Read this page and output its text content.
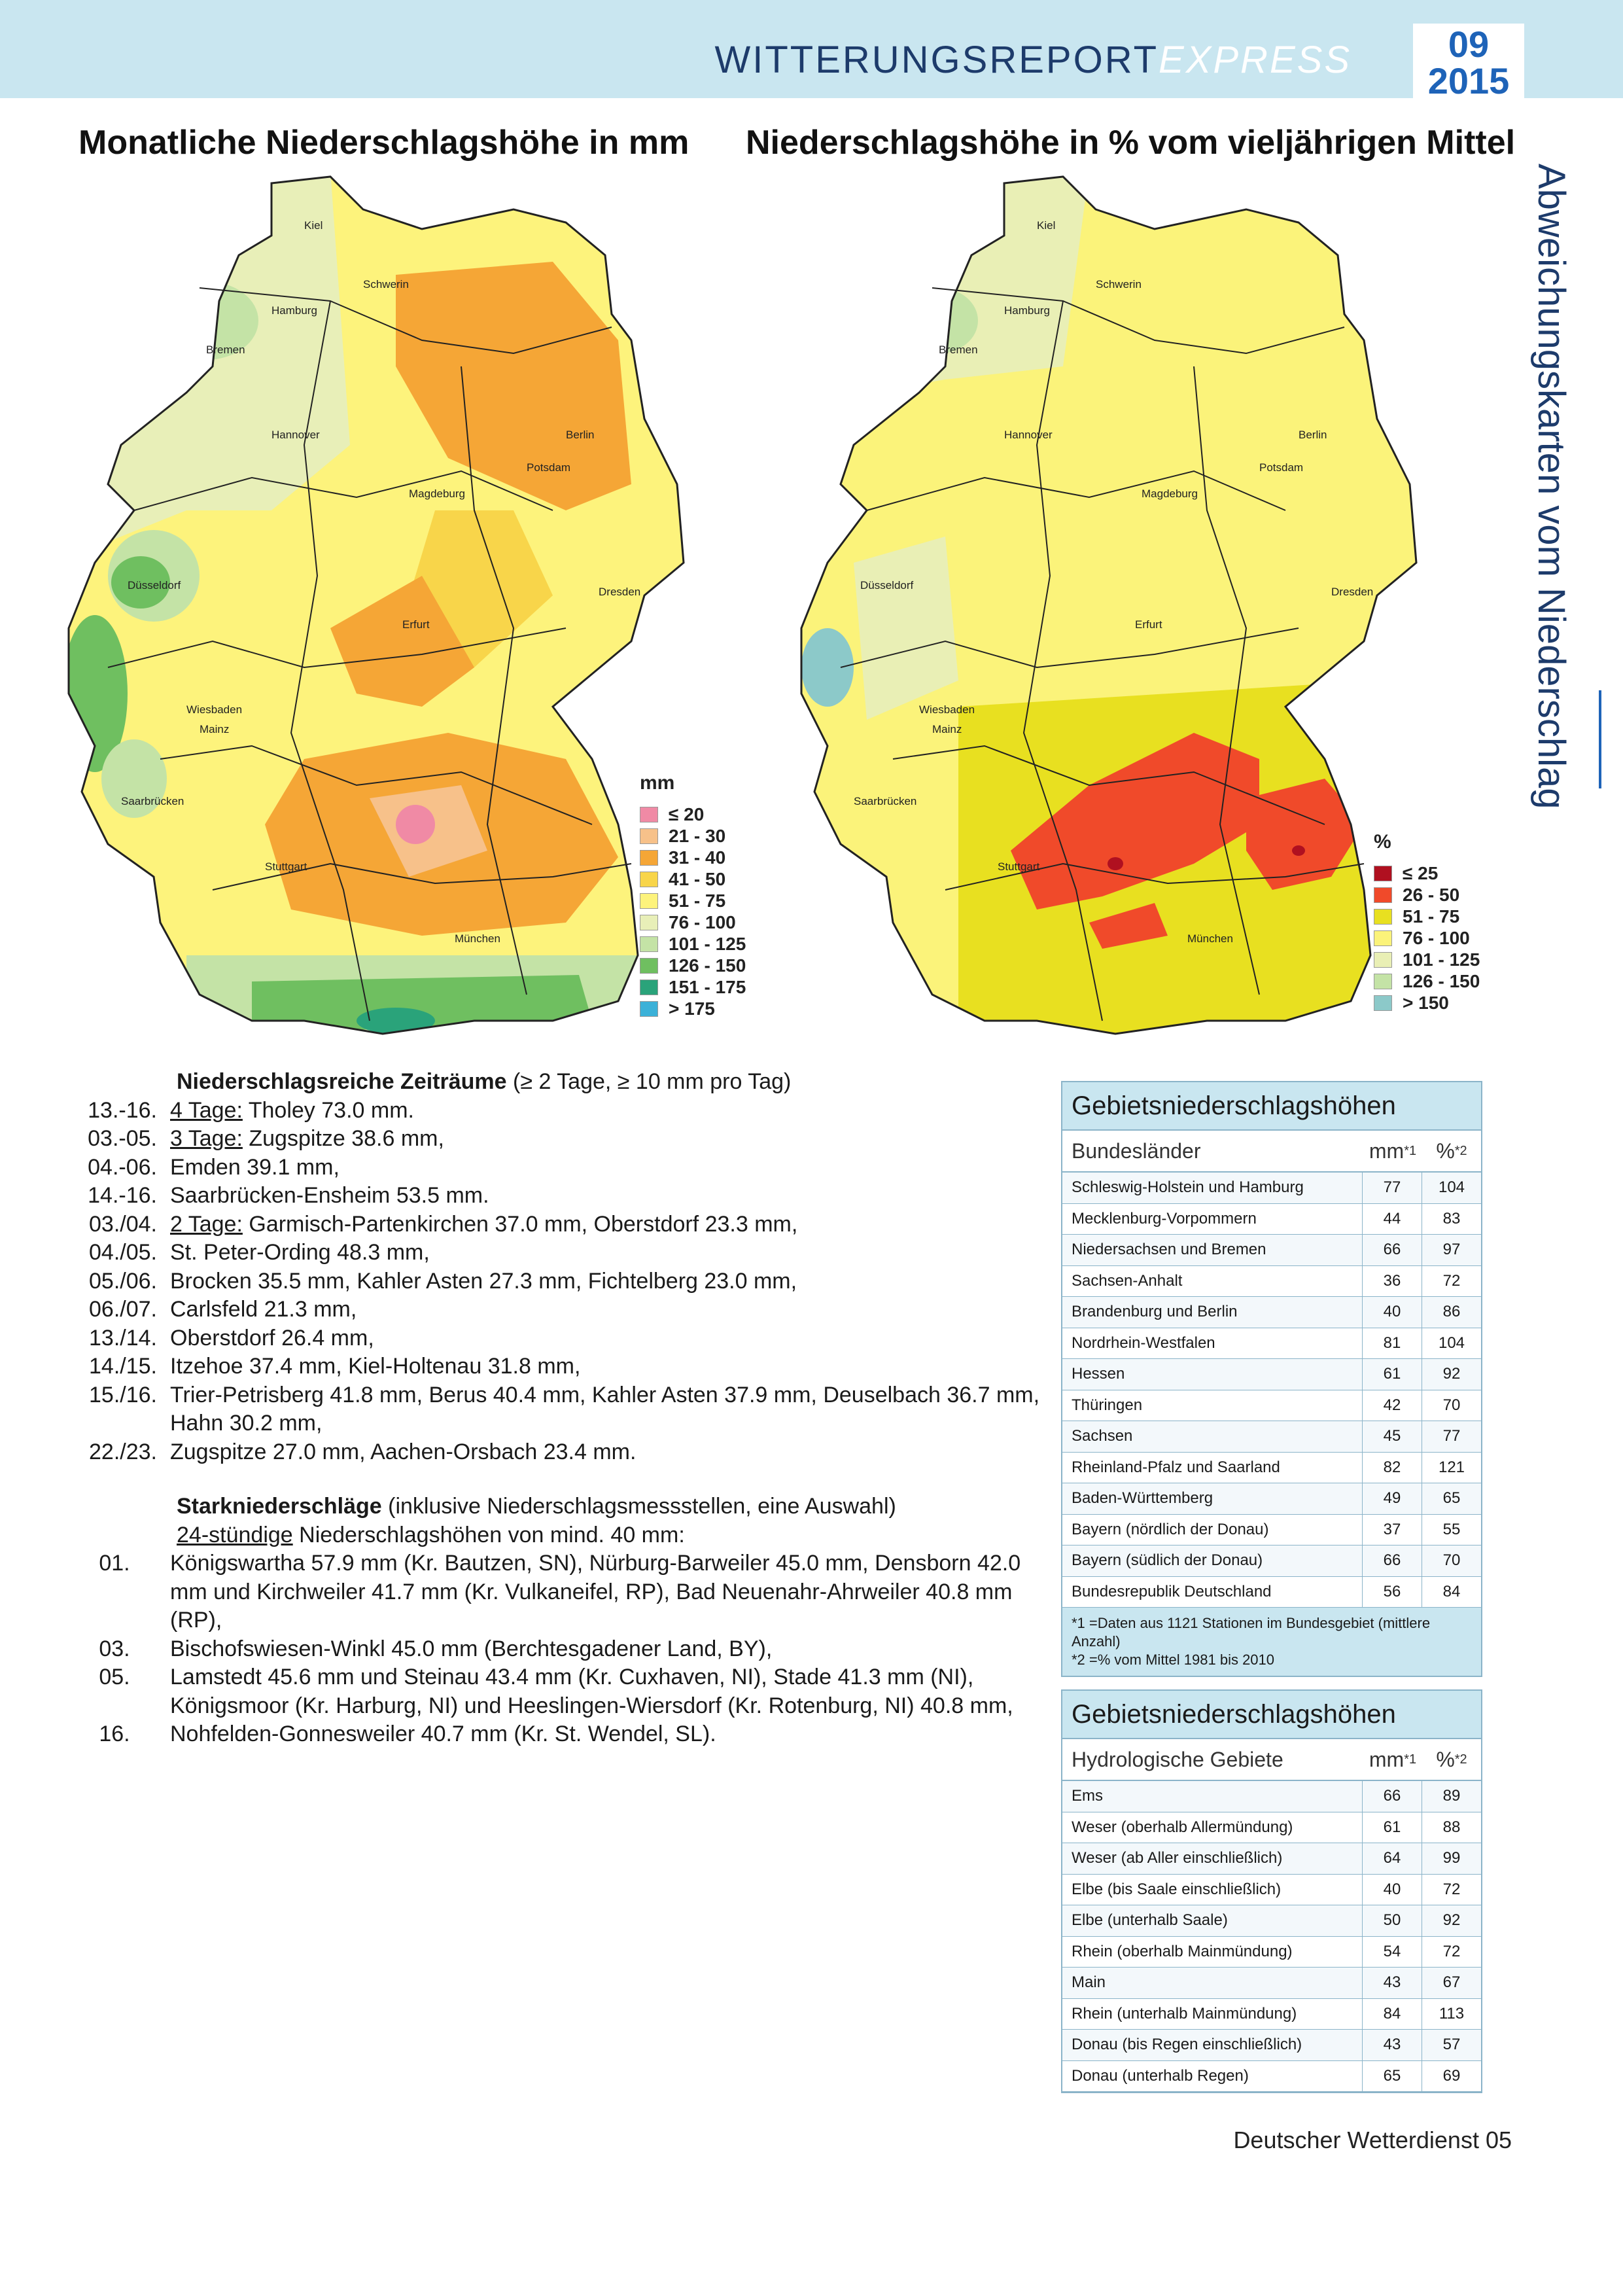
WITTERUNGSREPORTEXPRESS	09
2015
Monatliche Niederschlagshöhe in mm Niederschlagshöhe in % vom vieljährigen Mittel
Abweichungskarten vom Niederschlag
Kiel
Hamburg
Schwerin
Bremen
Berlin
Hannover
Potsdam
Magdeburg
Düsseldorf
Dresden
Erfurt
Wiesbaden
Mainz
Saarbrücken
Stuttgart
München
Kiel
Hamburg
Schwerin
Bremen
Berlin
Hannover
Potsdam
Magdeburg
Düsseldorf
Dresden
Erfurt
Wiesbaden
Mainz
Saarbrücken
Stuttgart
München
mm
≤ 20
21 - 30
31 - 40
41 - 50
51 - 75
76 - 100
101 - 125
126 - 150
151 - 175
> 175
%
≤ 25
26 - 50
51 - 75
76 - 100
101 - 125
126 - 150
> 150
Niederschlagsreiche Zeiträume (≥ 2 Tage, ≥ 10 mm pro Tag)
13.-16. 4 Tage: Tholey 73.0 mm.
03.-05. 3 Tage: Zugspitze 38.6 mm,
04.-06. Emden 39.1 mm,
14.-16. Saarbrücken-Ensheim 53.5 mm.
03./04. 2 Tage: Garmisch-Partenkirchen 37.0 mm, Oberstdorf 23.3 mm,
04./05. St. Peter-Ording 48.3 mm,
05./06. Brocken 35.5 mm, Kahler Asten 27.3 mm, Fichtelberg 23.0 mm,
06./07. Carlsfeld 21.3 mm,
13./14. Oberstdorf 26.4 mm,
14./15. Itzehoe 37.4 mm, Kiel-Holtenau 31.8 mm,
15./16. Trier-Petrisberg 41.8 mm, Berus 40.4 mm, Kahler Asten 37.9 mm, Deuselbach 36.7 mm, Hahn 30.2 mm,
22./23. Zugspitze 27.0 mm, Aachen-Orsbach 23.4 mm.
Starkniederschläge (inklusive Niederschlagsmessstellen, eine Auswahl)
24-stündige Niederschlagshöhen von mind. 40 mm:
01.	Königswartha 57.9 mm (Kr. Bautzen, SN), Nürburg-Barweiler 45.0 mm, Densborn 42.0 mm und Kirchweiler 41.7 mm (Kr. Vulkaneifel, RP), Bad Neuenahr-Ahrweiler 40.8 mm (RP),
03.	Bischofswiesen-Winkl 45.0 mm (Berchtesgadener Land, BY),
05.	Lamstedt 45.6 mm und Steinau 43.4 mm (Kr. Cuxhaven, NI), Stade 41.3 mm (NI), Königsmoor (Kr. Harburg, NI) und Heeslingen-Wiersdorf (Kr. Rotenburg, NI) 40.8 mm,
16.	Nohfelden-Gonnesweiler 40.7 mm (Kr. St. Wendel, SL).
Gebietsniederschlagshöhen
Bundesländer	mm *1 % *2
Schleswig-Holstein und Hamburg	77	104
Mecklenburg-Vorpommern	44	83
Niedersachsen und Bremen	66	97
Sachsen-Anhalt	36	72
Brandenburg und Berlin	40	86
Nordrhein-Westfalen	81	104
Hessen	61	92
Thüringen	42	70
Sachsen	45	77
Rheinland-Pfalz und Saarland	82	121
Baden-Württemberg	49	65
Bayern (nördlich der Donau)	37	55
Bayern (südlich der Donau)	66	70
Bundesrepublik Deutschland	56	84
*1 =Daten aus 1121 Stationen im Bundesgebiet (mittlere Anzahl)
*2 =% vom Mittel 1981 bis 2010
Gebietsniederschlagshöhen
Hydrologische Gebiete	mm *1 % *2
Ems	66	89
Weser (oberhalb Allermündung)	61	88
Weser (ab Aller einschließlich)	64	99
Elbe (bis Saale einschließlich)	40	72
Elbe (unterhalb Saale)	50	92
Rhein (oberhalb Mainmündung)	54	72
Main	43	67
Rhein (unterhalb Mainmündung)	84	113
Donau (bis Regen einschließlich)	43	57
Donau (unterhalb Regen)	65	69
Deutscher Wetterdienst 05
